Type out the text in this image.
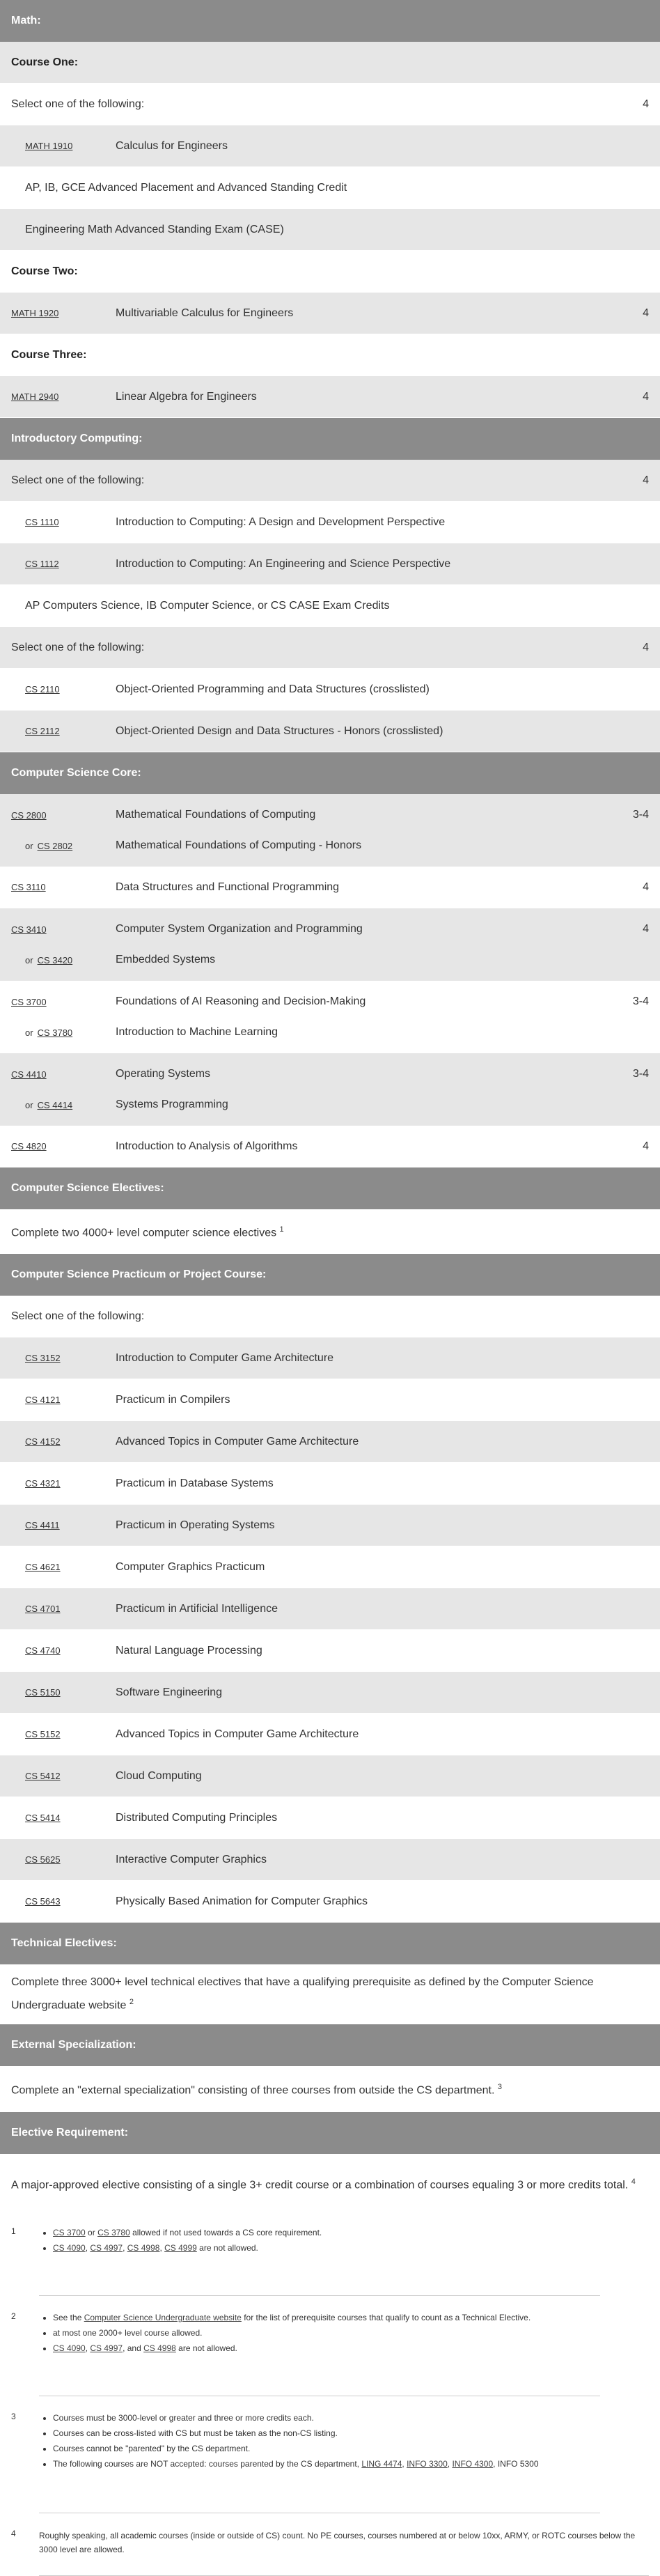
Math:
Course One:
Select one of the following:	4
MATH 1910	Calculus for Engineers
AP, IB, GCE Advanced Placement and Advanced Standing Credit
Engineering Math Advanced Standing Exam (CASE)
Course Two:
MATH 1920	Multivariable Calculus for Engineers	4
Course Three:
MATH 2940	Linear Algebra for Engineers	4
Introductory Computing:
Select one of the following:	4
CS 1110	Introduction to Computing: A Design and Development Perspective
CS 1112	Introduction to Computing: An Engineering and Science Perspective
AP Computers Science, IB Computer Science, or CS CASE Exam Credits
Select one of the following:	4
CS 2110	Object-Oriented Programming and Data Structures (crosslisted)
CS 2112	Object-Oriented Design and Data Structures - Honors (crosslisted)
Computer Science Core:
CS 2800	Mathematical Foundations of Computing	3-4
or CS 2802	Mathematical Foundations of Computing - Honors
CS 3110	Data Structures and Functional Programming	4
CS 3410	Computer System Organization and Programming	4
or CS 3420	Embedded Systems
CS 3700	Foundations of AI Reasoning and Decision-Making	3-4
or CS 3780	Introduction to Machine Learning
CS 4410	Operating Systems	3-4
or CS 4414	Systems Programming
CS 4820	Introduction to Analysis of Algorithms	4
Computer Science Electives:
Complete two 4000+ level computer science electives $^1$
Computer Science Practicum or Project Course:
Select one of the following:
CS 3152	Introduction to Computer Game Architecture
CS 4121	Practicum in Compilers
CS 4152	Advanced Topics in Computer Game Architecture
CS 4321	Practicum in Database Systems
CS 4411	Practicum in Operating Systems
CS 4621	Computer Graphics Practicum
CS 4701	Practicum in Artificial Intelligence
CS 4740	Natural Language Processing
CS 5150	Software Engineering
CS 5152	Advanced Topics in Computer Game Architecture
CS 5412	Cloud Computing
CS 5414	Distributed Computing Principles
CS 5625	Interactive Computer Graphics
CS 5643	Physically Based Animation for Computer Graphics
Technical Electives:
Complete three 3000+ level technical electives that have a qualifying prerequisite as defined by the Computer Science Undergraduate website $^2$
External Specialization:
Complete an "external specialization" consisting of three courses from outside the CS department. $^3$
Elective Requirement:
A major-approved elective consisting of a single 3+ credit course or a combination of courses equaling 3 or more credits total. $^4$
1	• CS 3700 or CS 3780 allowed if not used towards a CS core requirement.
• CS 4090, CS 4997, CS 4998, CS 4999 are not allowed.
2	• See the Computer Science Undergraduate website for the list of prerequisite courses that qualify to count as a Technical Elective.
• at most one 2000+ level course allowed.
• CS 4090, CS 4997, and CS 4998 are not allowed.
3	• Courses must be 3000-level or greater and three or more credits each.
• Courses can be cross-listed with CS but must be taken as the non-CS listing.
• Courses cannot be "parented" by the CS department.
• The following courses are NOT accepted: courses parented by the CS department, LING 4474, INFO 3300, INFO 4300, INFO 5300
4	Roughly speaking, all academic courses (inside or outside of CS) count. No PE courses, courses numbered at or below 10xx, ARMY, or ROTC courses below the 3000 level are allowed.
